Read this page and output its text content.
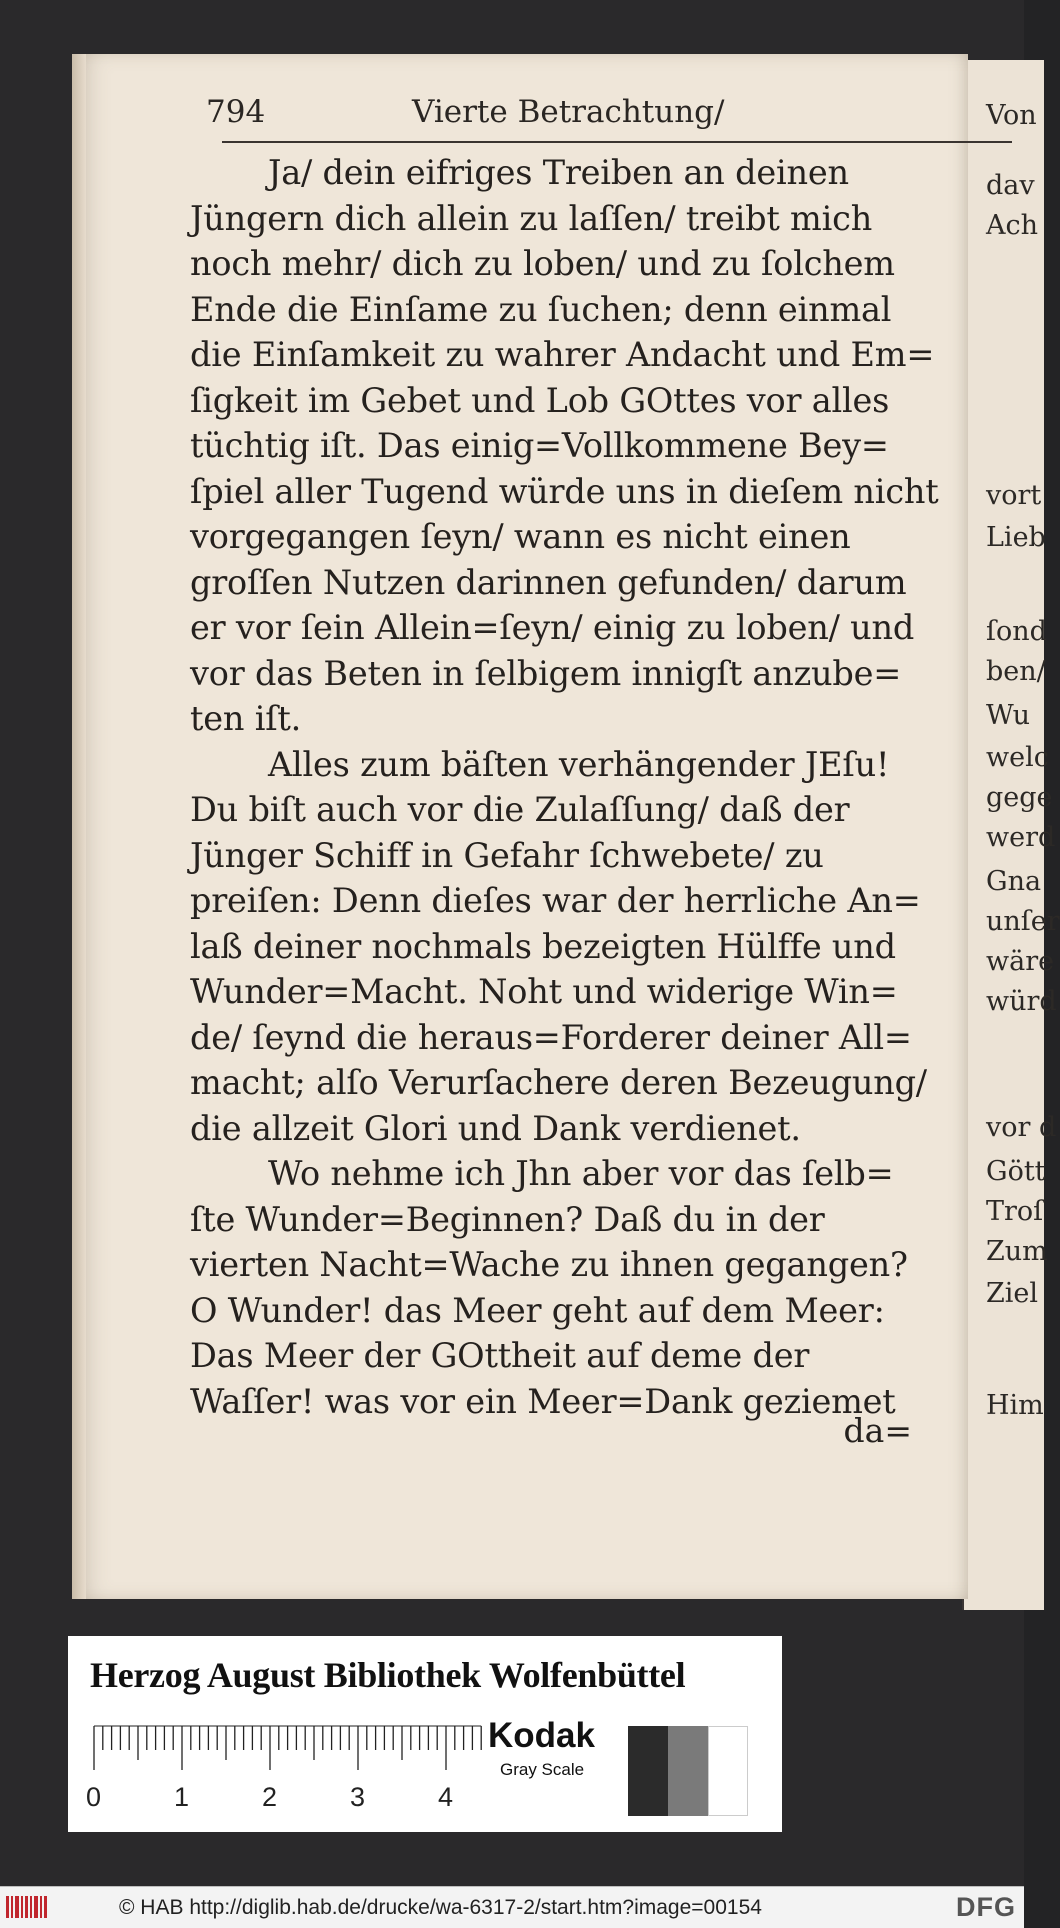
Von
dav
Ach
vort
Lieb
ſond
ben/
Wu
welc
gege
werd
Gna
unſer
wäre
würd
vor d
Gött
Troſ
Zum
Ziel
Him
794	Vierte Betrachtung/
Ja/ dein eifriges Treiben an deinen
Jüngern dich allein zu laſſen/ treibt mich
noch mehr/ dich zu loben/ und zu ſolchem
Ende die Einſame zu ſuchen; denn einmal
die Einſamkeit zu wahrer Andacht und Em=
ſigkeit im Gebet und Lob GOttes vor alles
tüchtig iſt. Das einig=Vollkommene Bey=
ſpiel aller Tugend würde uns in dieſem nicht
vorgegangen ſeyn/ wann es nicht einen
groſſen Nutzen darinnen gefunden/ darum
er vor ſein Allein=ſeyn/ einig zu loben/ und
vor das Beten in ſelbigem innigſt anzube=
ten iſt.
Alles zum bäſten verhängender JEſu!
Du biſt auch vor die Zulaſſung/ daß der
Jünger Schiff in Gefahr ſchwebete/ zu
preiſen: Denn dieſes war der herrliche An=
laß deiner nochmals bezeigten Hülffe und
Wunder=Macht. Noht und widerige Win=
de/ ſeynd die heraus=Forderer deiner All=
macht; alſo Verurſachere deren Bezeugung/
die allzeit Glori und Dank verdienet.
Wo nehme ich Jhn aber vor das ſelb=
ſte Wunder=Beginnen? Daß du in der
vierten Nacht=Wache zu ihnen gegangen?
O Wunder! das Meer geht auf dem Meer:
Das Meer der GOttheit auf deme der
Waſſer! was vor ein Meer=Dank geziemet
da=
Herzog August Bibliothek Wolfenbüttel
0	1	2	3	4
Kodak
Gray Scale
© HAB http://diglib.hab.de/drucke/wa-6317-2/start.htm?image=00154	DFG
